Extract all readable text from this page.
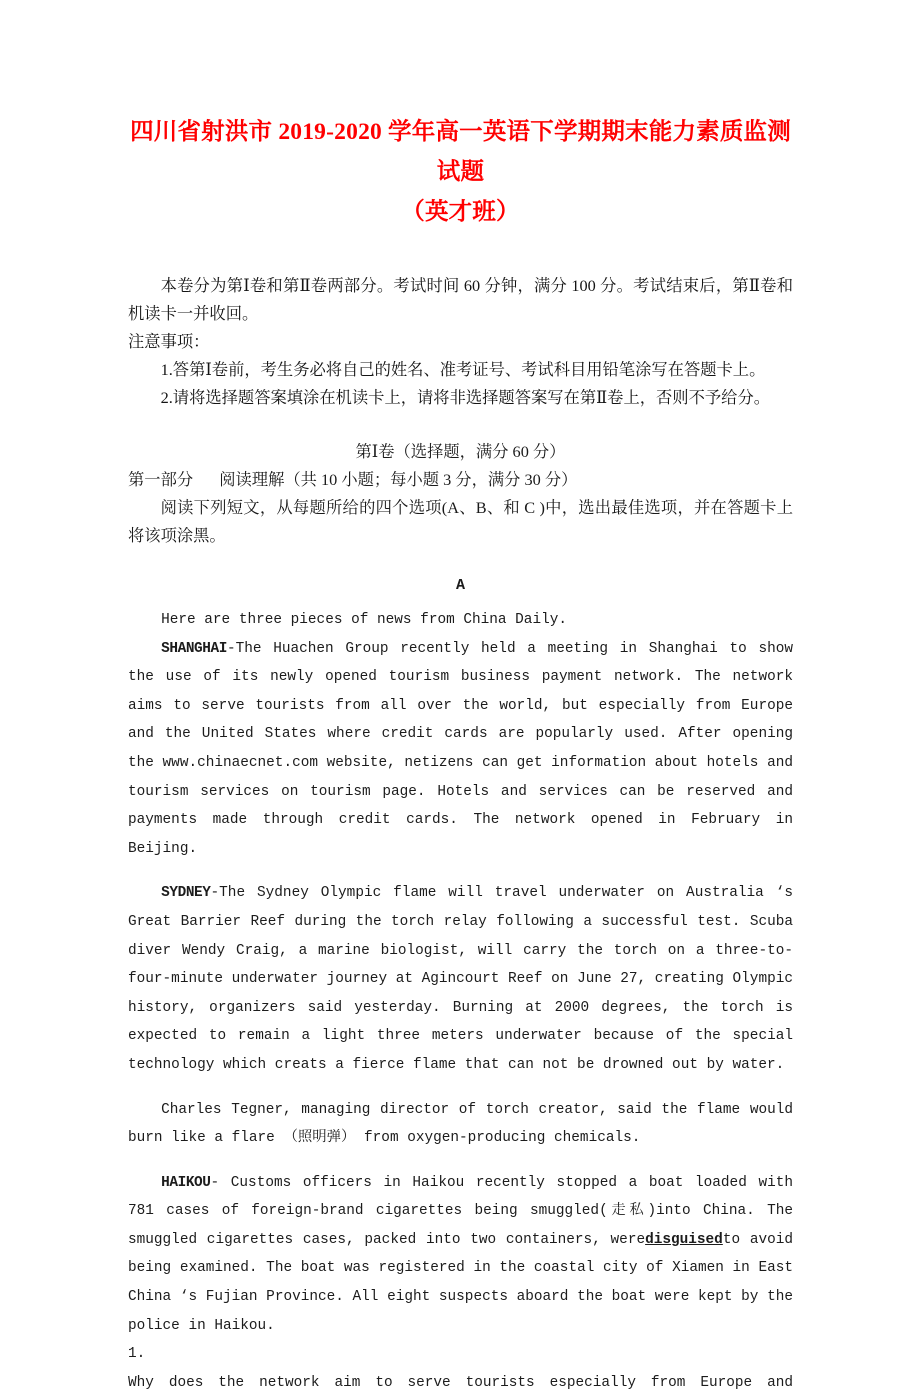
四川省射洪市 2019-2020 学年高一英语下学期期末能力素质监测试题
（英才班）

本卷分为第Ⅰ卷和第Ⅱ卷两部分。考试时间 60 分钟，满分 100 分。考试结束后，第Ⅱ卷和机读卡一并收回。

注意事项：

1.答第Ⅰ卷前，考生务必将自己的姓名、准考证号、考试科目用铅笔涂写在答题卡上。

2.请将选择题答案填涂在机读卡上，请将非选择题答案写在第Ⅱ卷上，否则不予给分。

第Ⅰ卷（选择题，满分 60 分）

第一部分 阅读理解（共 10 小题；每小题 3 分，满分 30 分）

阅读下列短文，从每题所给的四个选项(A、B、和 C )中，选出最佳选项，并在答题卡上将该项涂黑。

A

Here are three pieces of news from China Daily.

SHANGHAI-The Huachen Group recently held a meeting in Shanghai to show the use of its newly opened tourism business payment network. The network aims to serve tourists from all over the world, but especially from Europe and the United States where credit cards are popularly used. After opening the www.chinaecnet.com website, netizens can get information about hotels and tourism services on tourism page. Hotels and services can be reserved and payments made through credit cards. The network opened in February in Beijing.

SYDNEY-The Sydney Olympic flame will travel underwater on Australia ‘s Great Barrier Reef during the torch relay following a successful test. Scuba diver Wendy Craig, a marine biologist, will carry the torch on a three-to-four-minute underwater journey at Agincourt Reef on June 27, creating Olympic history, organizers said yesterday. Burning at 2000 degrees, the torch is expected to remain a light three meters underwater because of the special technology which creats a fierce flame that can not be drowned out by water.

Charles Tegner, managing director of torch creator, said the flame would burn like a flare （照明弹） from oxygen-producing chemicals.

HAIKOU- Customs officers in Haikou recently stopped a boat loaded with 781 cases of foreign-brand cigarettes being smuggled(走私)into China. The smuggled cigarettes cases, packed into two containers, weredisguisedto avoid being examined. The boat was registered in the coastal city of Xiamen in East China ‘s Fujian Province. All eight suspects aboard the boat were kept by the police in Haikou.

1.

Why does the network aim to serve tourists especially from Europe and
